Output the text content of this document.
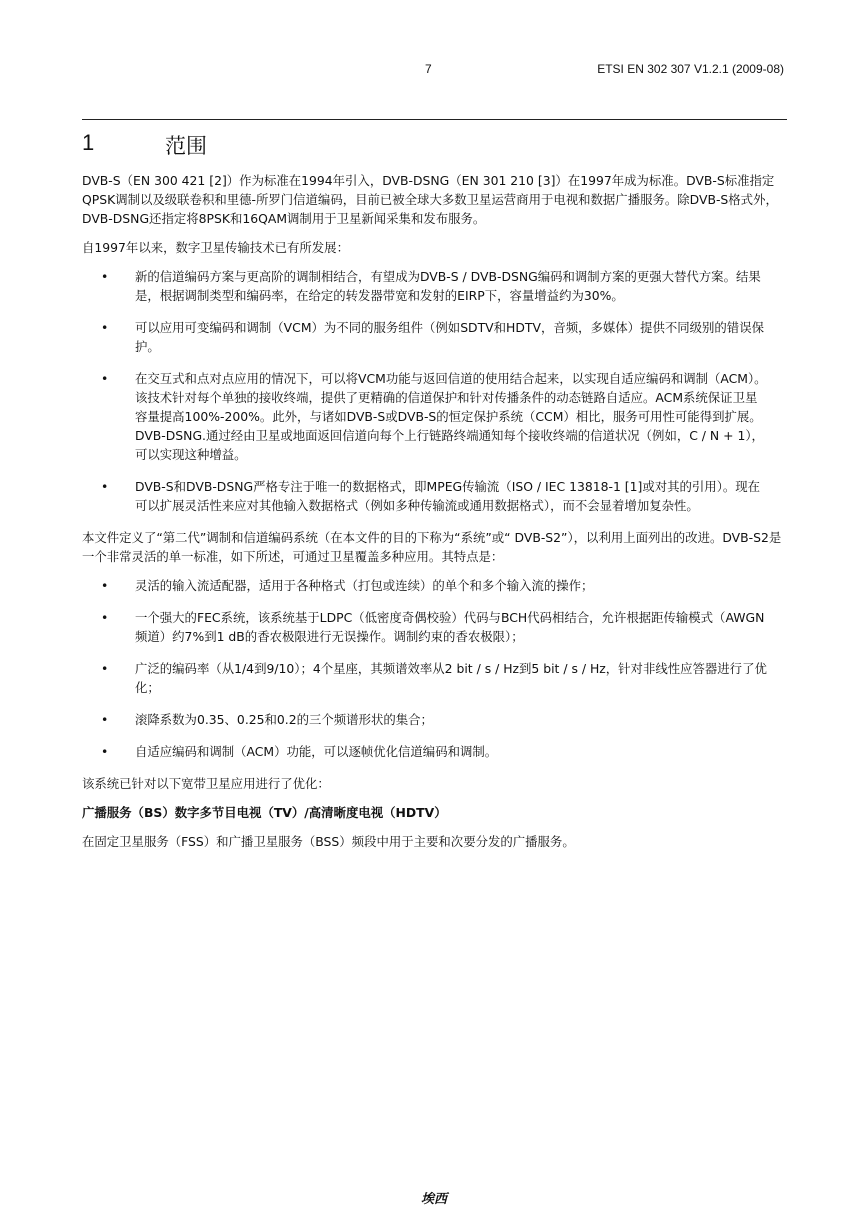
7	ETSI EN 302 307 V1.2.1 (2009-08)
1	范围

DVB-S（EN 300 421 [2]）作为标准在1994年引入，DVB-DSNG（EN 301 210 [3]）在1997年成为标准。DVB-S标准指定QPSK调制以及级联卷积和里德-所罗门信道编码，目前已被全球大多数卫星运营商用于电视和数据广播服务。除DVB-S格式外，DVB-DSNG还指定将8PSK和16QAM调制用于卫星新闻采集和发布服务。

自1997年以来，数字卫星传输技术已有所发展：

• 新的信道编码方案与更高阶的调制相结合，有望成为DVB-S / DVB-DSNG编码和调制方案的更强大替代方案。结果是，根据调制类型和编码率，在给定的转发器带宽和发射的EIRP下，容量增益约为30%。
• 可以应用可变编码和调制（VCM）为不同的服务组件（例如SDTV和HDTV，音频，多媒体）提供不同级别的错误保护。
• 在交互式和点对点应用的情况下，可以将VCM功能与返回信道的使用结合起来，以实现自适应编码和调制（ACM）。该技术针对每个单独的接收终端，提供了更精确的信道保护和针对传播条件的动态链路自适应。ACM系统保证卫星容量提高100%-200%。此外，与诸如DVB-S或DVB-S的恒定保护系统（CCM）相比，服务可用性可能得到扩展。
DVB-DSNG.通过经由卫星或地面返回信道向每个上行链路终端通知每个接收终端的信道状况（例如，C / N + 1），可以实现这种增益。
• DVB-S和DVB-DSNG严格专注于唯一的数据格式，即MPEG传输流（ISO / IEC 13818-1 [1]或对其的引用）。现在可以扩展灵活性来应对其他输入数据格式（例如多种传输流或通用数据格式），而不会显着增加复杂性。

本文件定义了“第二代”调制和信道编码系统（在本文件的目的下称为“系统”或“ DVB-S2”），以利用上面列出的改进。DVB-S2是一个非常灵活的单一标准，如下所述，可通过卫星覆盖多种应用。其特点是：

• 灵活的输入流适配器，适用于各种格式（打包或连续）的单个和多个输入流的操作；
• 一个强大的FEC系统，该系统基于LDPC（低密度奇偶校验）代码与BCH代码相结合，允许根据距传输模式（AWGN频道）约7%到1 dB的香农极限进行无误操作。调制约束的香农极限）；
• 广泛的编码率（从1/4到9/10）；4个星座，其频谱效率从2 bit / s / Hz到5 bit / s / Hz，针对非线性应答器进行了优化；
• 滚降系数为0.35、0.25和0.2的三个频谱形状的集合；
• 自适应编码和调制（ACM）功能，可以逐帧优化信道编码和调制。

该系统已针对以下宽带卫星应用进行了优化：

广播服务（BS）数字多节目电视（TV）/高清晰度电视（HDTV）

在固定卫星服务（FSS）和广播卫星服务（BSS）频段中用于主要和次要分发的广播服务。

埃西
